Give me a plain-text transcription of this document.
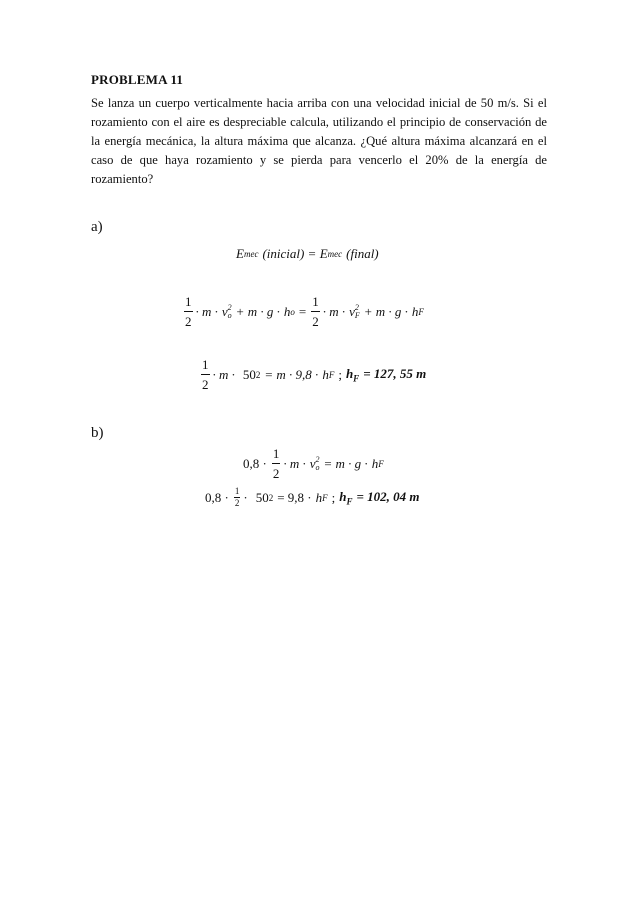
PROBLEMA 11
Se lanza un cuerpo verticalmente hacia arriba con una velocidad inicial de 50 m/s. Si el rozamiento con el aire es despreciable calcula, utilizando el principio de conservación de la energía mecánica, la altura máxima que alcanza. ¿Qué altura máxima alcanzará en el caso de que haya rozamiento y se pierda para vencerlo el 20% de la energía de rozamiento?
a)
E mec (inicial) = E mec (final)
$\frac{1}{2} \cdot m \cdot v$ 2
o + m · g · h $o = \frac{1}{2} \cdot m \cdot v$ 2
F + m · g · h F
$\frac{1}{2} \cdot m \cdot 50$ 2 = m · 9,8 · h F ; $h_F = 127$, 55 m
b)
$0,8 \cdot \frac{1}{2} \cdot m \cdot v$ 2
o = m · g · h F
$0,8 \cdot \frac{1}{2} \cdot 50$ 2 = 9,8 · h F ; $h_F = 102$, 04 m
